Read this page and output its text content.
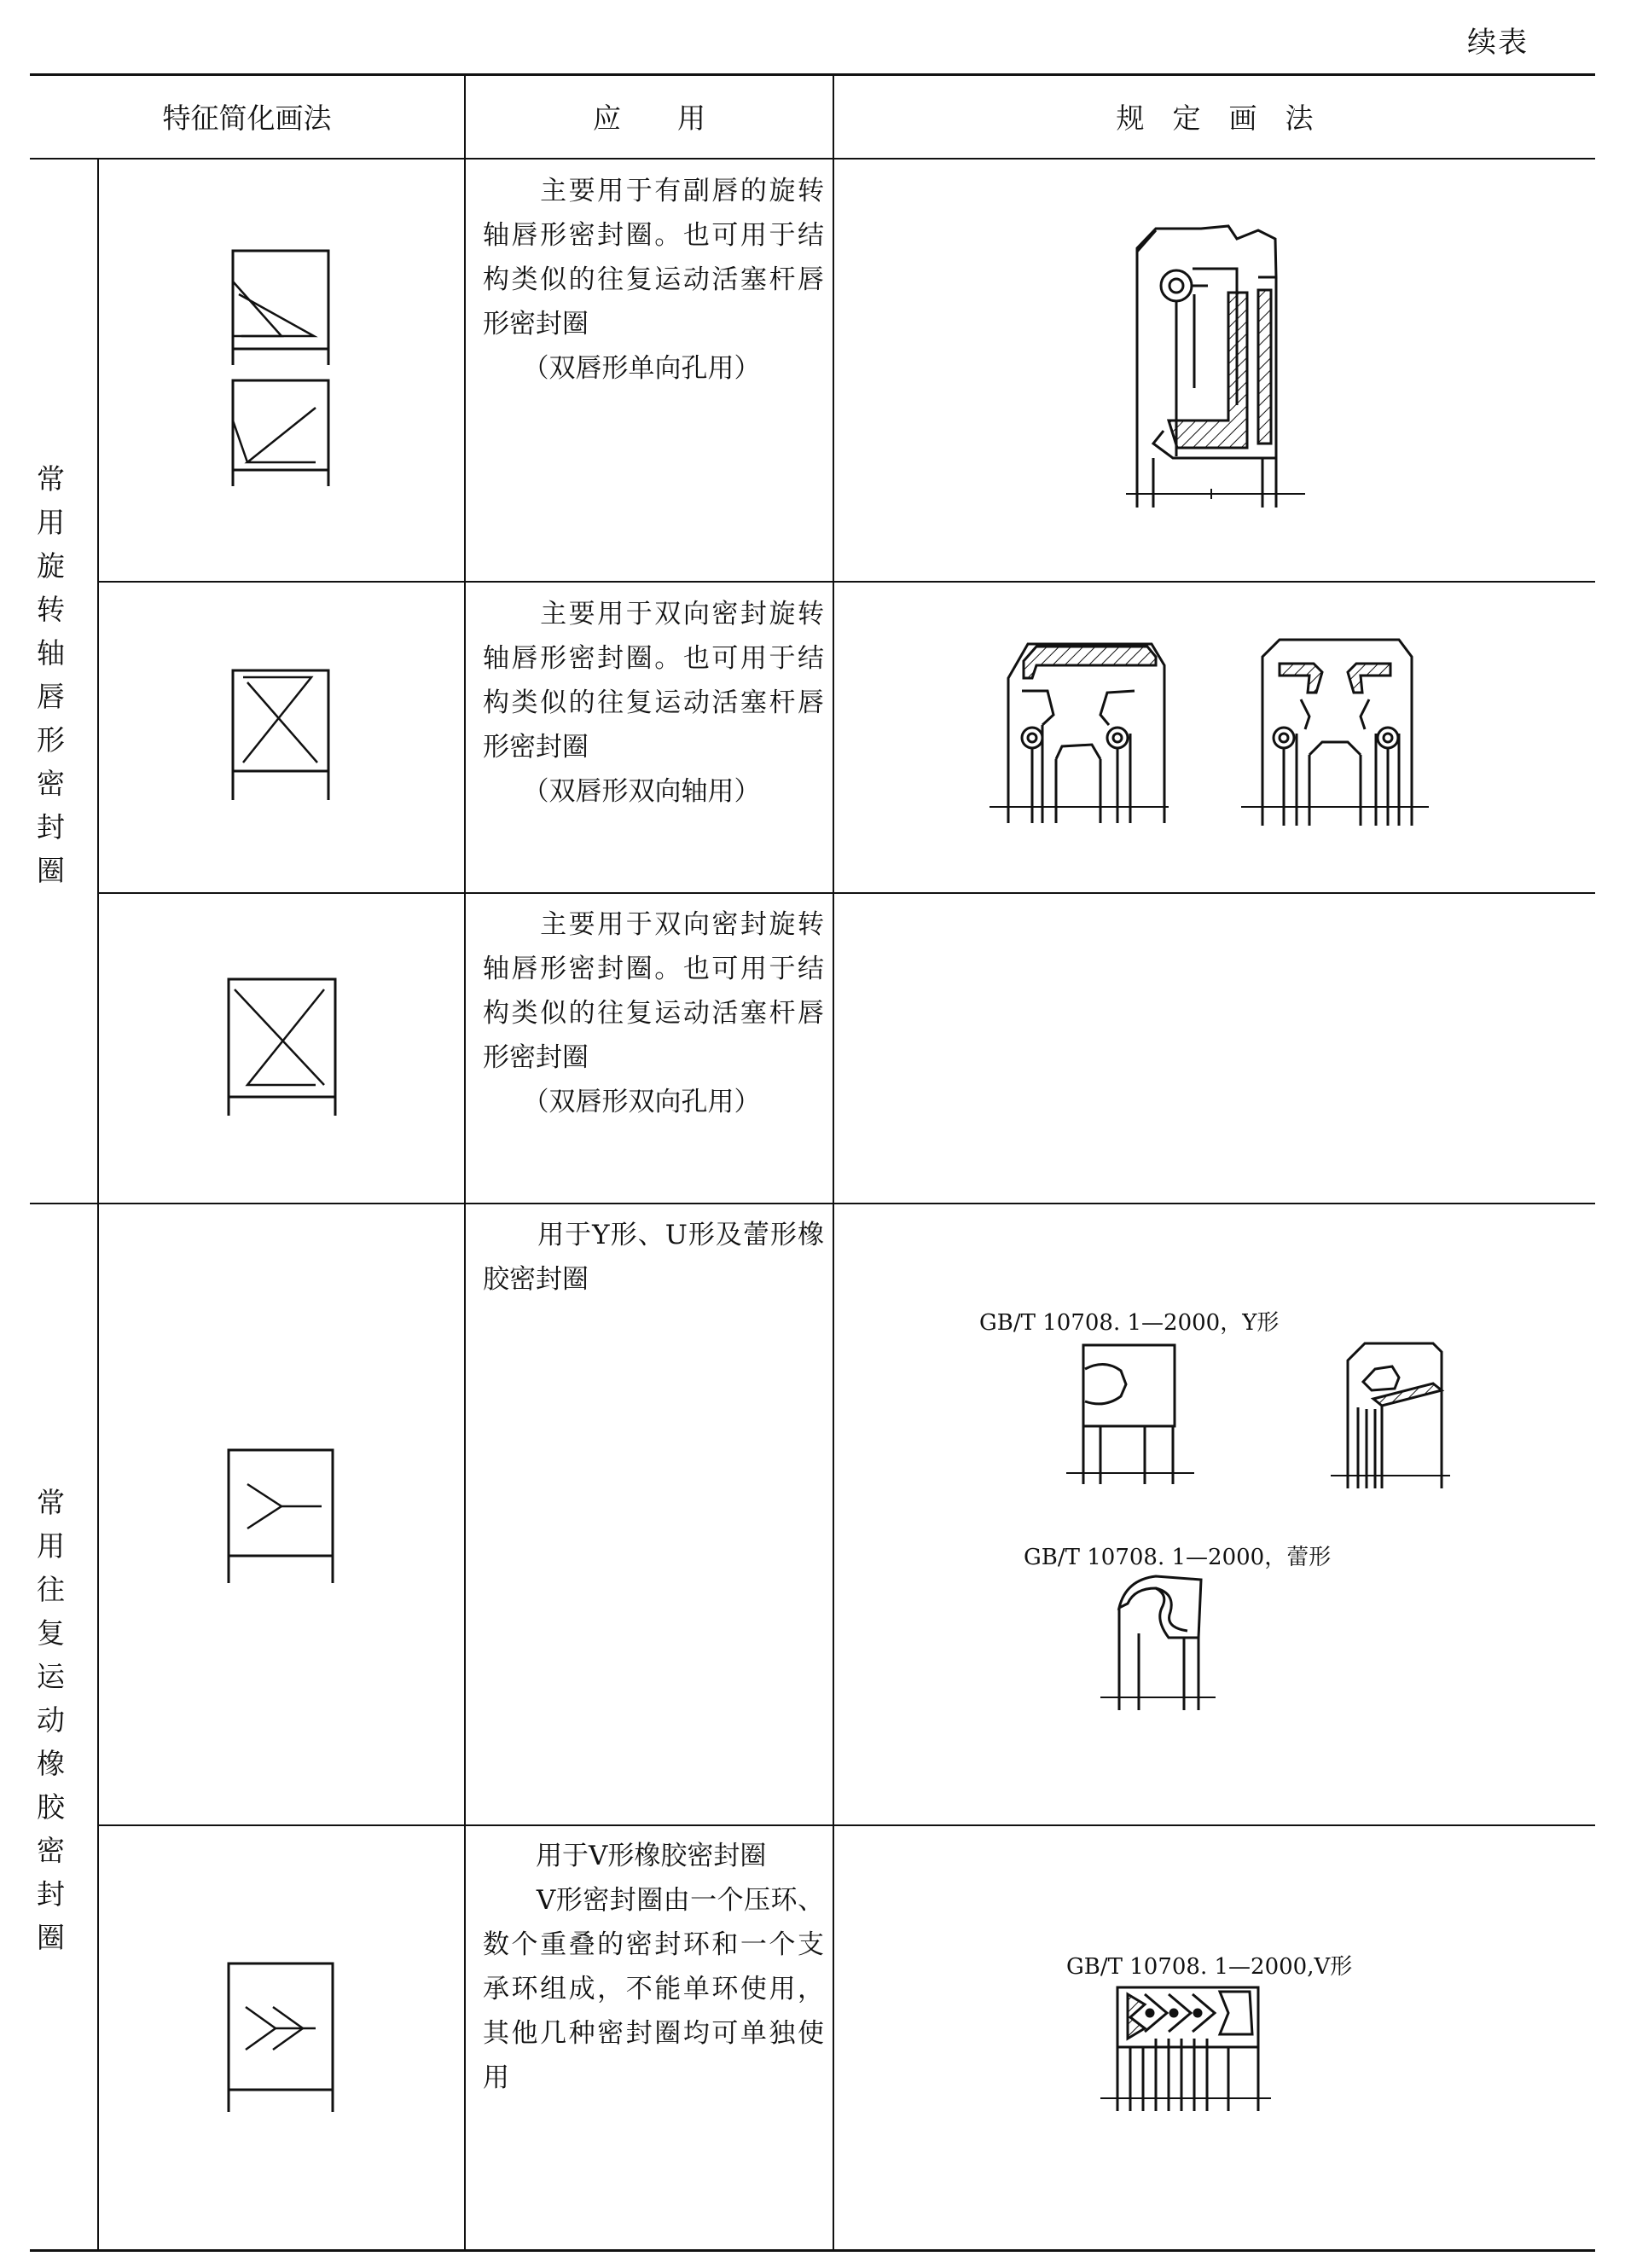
续表
特征简化画法	应　　用	规　定　画　法
常用旋转轴唇形密封圈
常用往复运动橡胶密封圈
　　主要用于有副唇的旋转轴唇形密封圈。也可用于结构类似的往复运动活塞杆唇形密封圈
　　（双唇形单向孔用）
　　主要用于双向密封旋转轴唇形密封圈。也可用于结构类似的往复运动活塞杆唇形密封圈
　　（双唇形双向轴用）
　　主要用于双向密封旋转轴唇形密封圈。也可用于结构类似的往复运动活塞杆唇形密封圈
　　（双唇形双向孔用）
　　用于Y形、U形及蕾形橡胶密封圈
　　用于V形橡胶密封圈
　　V形密封圈由一个压环、数个重叠的密封环和一个支承环组成，不能单环使用，其他几种密封圈均可单独使用
GB/T 10708. 1—2000，Y形
GB/T 10708. 1—2000，蕾形
GB/T 10708. 1—2000,V形
